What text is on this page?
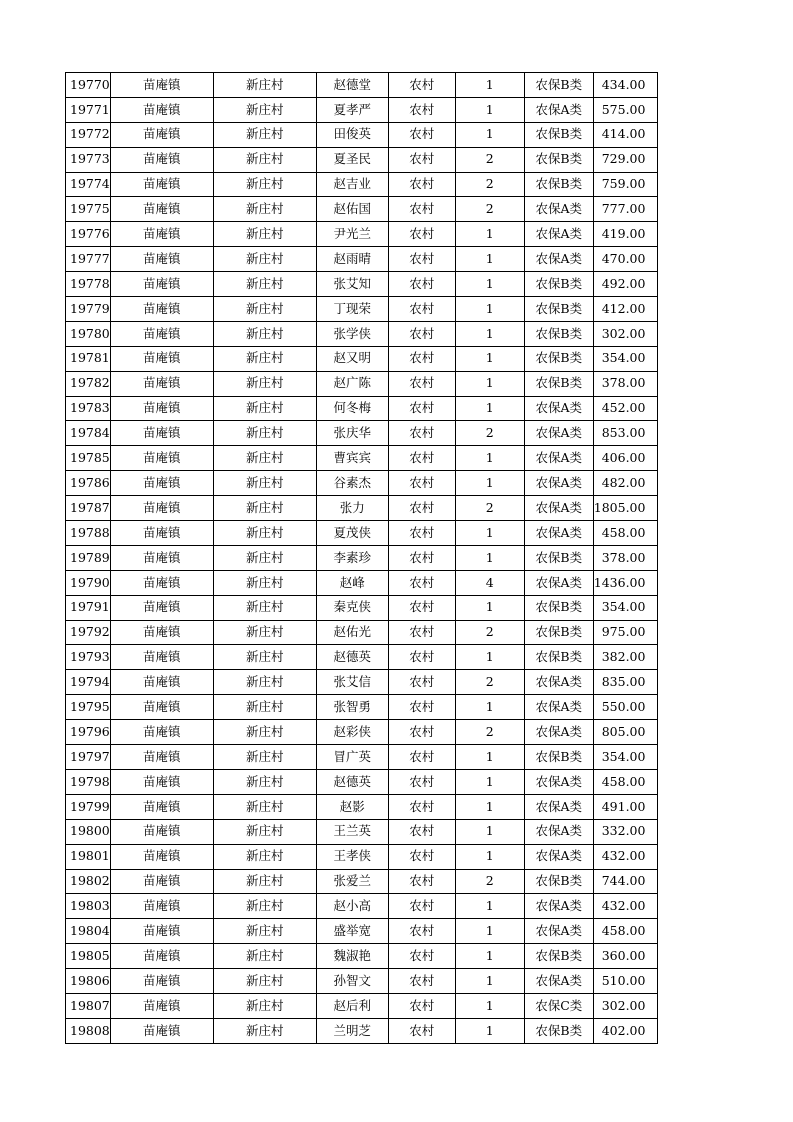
19770	苗庵镇	新庄村	赵德堂	农村	1	农保B类	434.00
19771	苗庵镇	新庄村	夏孝严	农村	1	农保A类	575.00
19772	苗庵镇	新庄村	田俊英	农村	1	农保B类	414.00
19773	苗庵镇	新庄村	夏圣民	农村	2	农保B类	729.00
19774	苗庵镇	新庄村	赵吉业	农村	2	农保B类	759.00
19775	苗庵镇	新庄村	赵佑国	农村	2	农保A类	777.00
19776	苗庵镇	新庄村	尹光兰	农村	1	农保A类	419.00
19777	苗庵镇	新庄村	赵雨晴	农村	1	农保A类	470.00
19778	苗庵镇	新庄村	张艾知	农村	1	农保B类	492.00
19779	苗庵镇	新庄村	丁现荣	农村	1	农保B类	412.00
19780	苗庵镇	新庄村	张学侠	农村	1	农保B类	302.00
19781	苗庵镇	新庄村	赵又明	农村	1	农保B类	354.00
19782	苗庵镇	新庄村	赵广陈	农村	1	农保B类	378.00
19783	苗庵镇	新庄村	何冬梅	农村	1	农保A类	452.00
19784	苗庵镇	新庄村	张庆华	农村	2	农保A类	853.00
19785	苗庵镇	新庄村	曹宾宾	农村	1	农保A类	406.00
19786	苗庵镇	新庄村	谷素杰	农村	1	农保A类	482.00
19787	苗庵镇	新庄村	张力	农村	2	农保A类	1805.00
19788	苗庵镇	新庄村	夏茂侠	农村	1	农保A类	458.00
19789	苗庵镇	新庄村	李素珍	农村	1	农保B类	378.00
19790	苗庵镇	新庄村	赵峰	农村	4	农保A类	1436.00
19791	苗庵镇	新庄村	秦克侠	农村	1	农保B类	354.00
19792	苗庵镇	新庄村	赵佑光	农村	2	农保B类	975.00
19793	苗庵镇	新庄村	赵德英	农村	1	农保B类	382.00
19794	苗庵镇	新庄村	张艾信	农村	2	农保A类	835.00
19795	苗庵镇	新庄村	张智勇	农村	1	农保A类	550.00
19796	苗庵镇	新庄村	赵彩侠	农村	2	农保A类	805.00
19797	苗庵镇	新庄村	冒广英	农村	1	农保B类	354.00
19798	苗庵镇	新庄村	赵德英	农村	1	农保A类	458.00
19799	苗庵镇	新庄村	赵影	农村	1	农保A类	491.00
19800	苗庵镇	新庄村	王兰英	农村	1	农保A类	332.00
19801	苗庵镇	新庄村	王孝侠	农村	1	农保A类	432.00
19802	苗庵镇	新庄村	张爱兰	农村	2	农保B类	744.00
19803	苗庵镇	新庄村	赵小高	农村	1	农保A类	432.00
19804	苗庵镇	新庄村	盛举宽	农村	1	农保A类	458.00
19805	苗庵镇	新庄村	魏淑艳	农村	1	农保B类	360.00
19806	苗庵镇	新庄村	孙智文	农村	1	农保A类	510.00
19807	苗庵镇	新庄村	赵后利	农村	1	农保C类	302.00
19808	苗庵镇	新庄村	兰明芝	农村	1	农保B类	402.00
